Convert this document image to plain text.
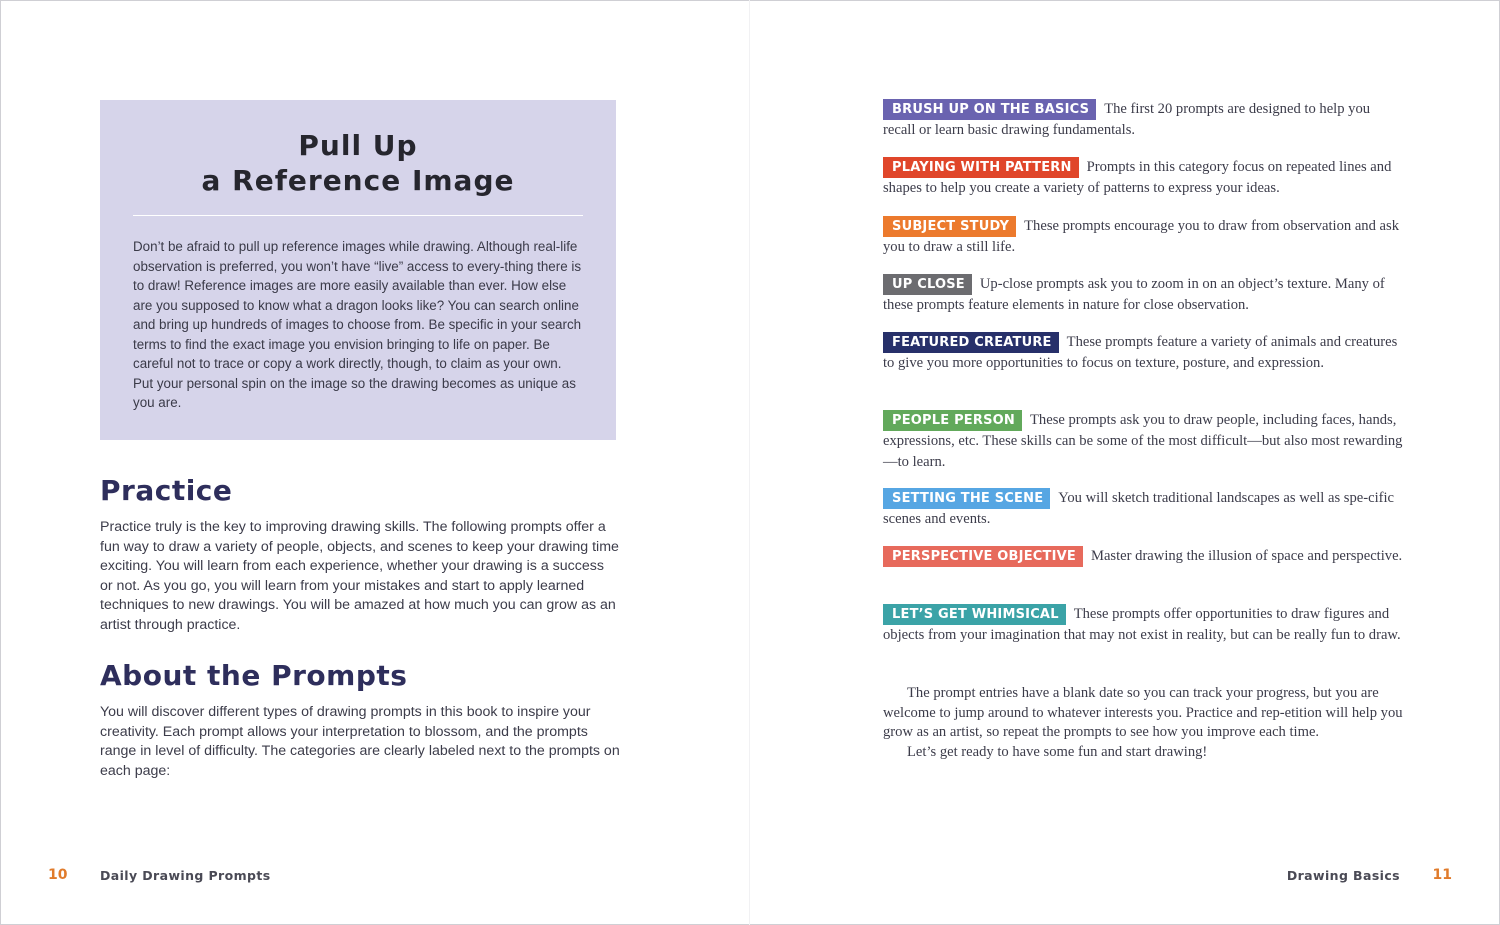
Pull Up
a Reference Image
Don’t be afraid to pull up reference images while drawing. Although real-life observation is preferred, you won’t have “live” access to every-thing there is to draw! Reference images are more easily available than ever. How else are you supposed to know what a dragon looks like? You can search online and bring up hundreds of images to choose from. Be specific in your search terms to find the exact image you envision bringing to life on paper. Be careful not to trace or copy a work directly, though, to claim as your own. Put your personal spin on the image so the drawing becomes as unique as you are.
Practice
Practice truly is the key to improving drawing skills. The following prompts offer a fun way to draw a variety of people, objects, and scenes to keep your drawing time exciting. You will learn from each experience, whether your drawing is a success or not. As you go, you will learn from your mistakes and start to apply learned techniques to new drawings. You will be amazed at how much you can grow as an artist through practice.
About the Prompts
You will discover different types of drawing prompts in this book to inspire your creativity. Each prompt allows your interpretation to blossom, and the prompts range in level of difficulty. The categories are clearly labeled next to the prompts on each page:
BRUSH UP ON THE BASICS The first 20 prompts are designed to help you recall or learn basic drawing fundamentals.
PLAYING WITH PATTERN Prompts in this category focus on repeated lines and shapes to help you create a variety of patterns to express your ideas.
SUBJECT STUDY These prompts encourage you to draw from observation and ask you to draw a still life.
UP CLOSE Up-close prompts ask you to zoom in on an object’s texture. Many of these prompts feature elements in nature for close observation.
FEATURED CREATURE These prompts feature a variety of animals and creatures to give you more opportunities to focus on texture, posture, and expression.
PEOPLE PERSON These prompts ask you to draw people, including faces, hands, expressions, etc. These skills can be some of the most difficult—but also most rewarding—to learn.
SETTING THE SCENE You will sketch traditional landscapes as well as spe-cific scenes and events.
PERSPECTIVE OBJECTIVE Master drawing the illusion of space and perspective.
LET’S GET WHIMSICAL These prompts offer opportunities to draw figures and objects from your imagination that may not exist in reality, but can be really fun to draw.

The prompt entries have a blank date so you can track your progress, but you are welcome to jump around to whatever interests you. Practice and rep-etition will help you grow as an artist, so repeat the prompts to see how you improve each time.

Let’s get ready to have some fun and start drawing!

10	Daily Drawing Prompts	Drawing Basics 11
